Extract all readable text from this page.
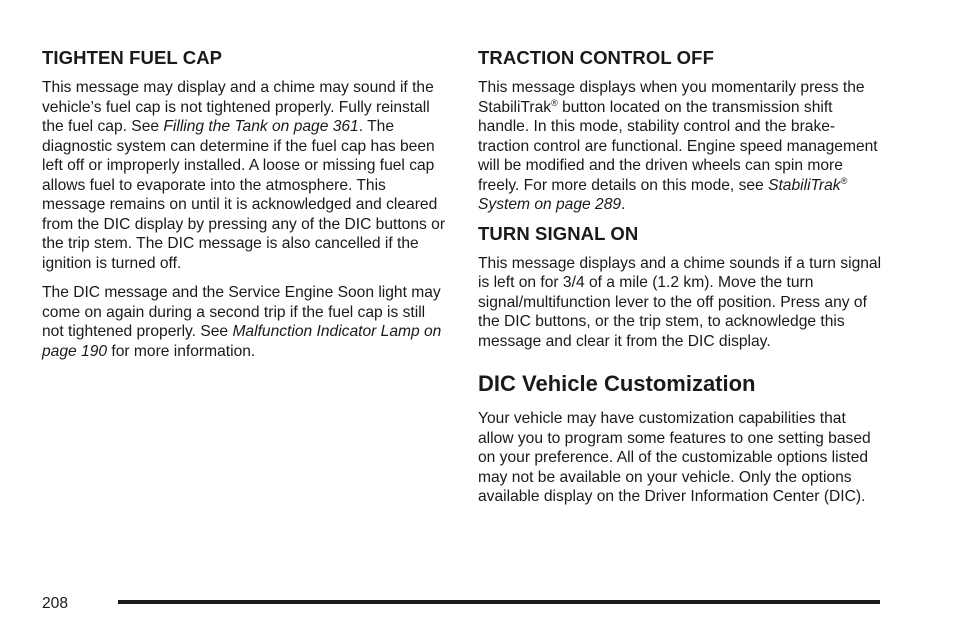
TIGHTEN FUEL CAP

This message may display and a chime may sound if the vehicle’s fuel cap is not tightened properly. Fully reinstall the fuel cap. See Filling the Tank on page 361. The diagnostic system can determine if the fuel cap has been left off or improperly installed. A loose or missing fuel cap allows fuel to evaporate into the atmosphere. This message remains on until it is acknowledged and cleared from the DIC display by pressing any of the DIC buttons or the trip stem. The DIC message is also cancelled if the ignition is turned off.

The DIC message and the Service Engine Soon light may come on again during a second trip if the fuel cap is still not tightened properly. See Malfunction Indicator Lamp on page 190 for more information.

TRACTION CONTROL OFF

This message displays when you momentarily press the StabiliTrak® button located on the transmission shift handle. In this mode, stability control and the brake-traction control are functional. Engine speed management will be modified and the driven wheels can spin more freely. For more details on this mode, see StabiliTrak® System on page 289.

TURN SIGNAL ON

This message displays and a chime sounds if a turn signal is left on for 3/4 of a mile (1.2 km). Move the turn signal/multifunction lever to the off position. Press any of the DIC buttons, or the trip stem, to acknowledge this message and clear it from the DIC display.

DIC Vehicle Customization

Your vehicle may have customization capabilities that allow you to program some features to one setting based on your preference. All of the customizable options listed may not be available on your vehicle. Only the options available display on the Driver Information Center (DIC).

208
